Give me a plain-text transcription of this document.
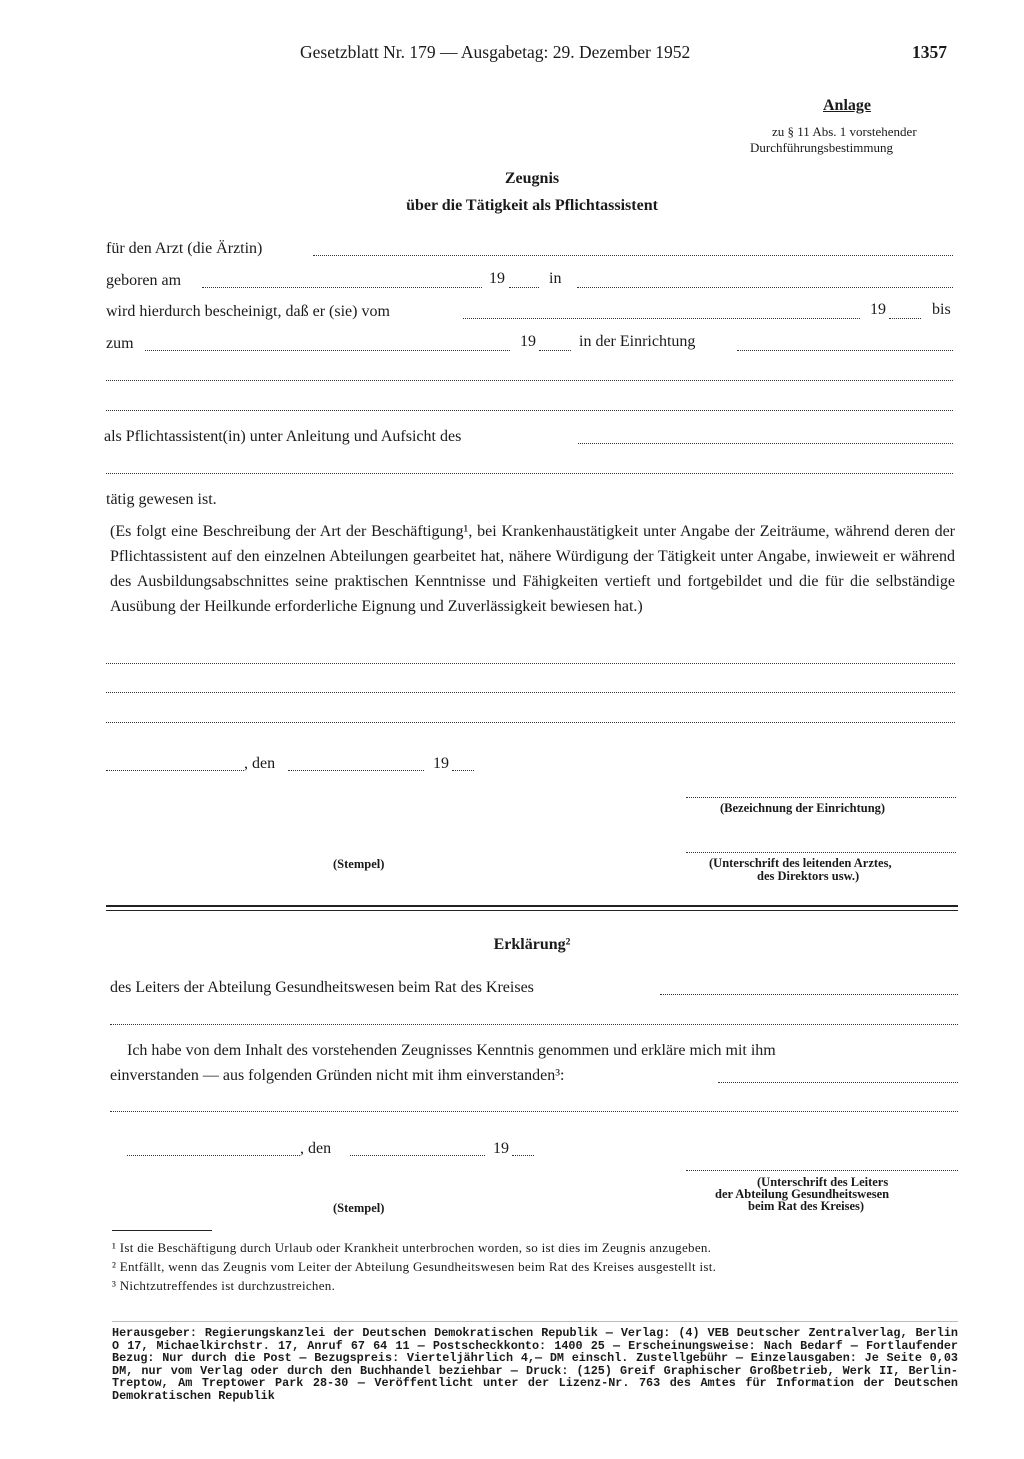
Gesetzblatt Nr. 179 — Ausgabetag: 29. Dezember 1952	1357
Anlage
zu § 11 Abs. 1 vorstehender
Durchführungsbestimmung
Zeugnis
über die Tätigkeit als Pflichtassistent
für den Arzt (die Ärztin)
geboren am	19	in
wird hierdurch bescheinigt, daß er (sie) vom	19	bis
zum	19	in der Einrichtung
als Pflichtassistent(in) unter Anleitung und Aufsicht des
tätig gewesen ist.
(Es folgt eine Beschreibung der Art der Beschäftigung¹, bei Krankenhaustätigkeit unter Angabe der Zeiträume, während deren der Pflichtassistent auf den einzelnen Abteilungen gearbeitet hat, nähere Würdigung der Tätigkeit unter Angabe, inwieweit er während des Ausbildungsabschnittes seine praktischen Kenntnisse und Fähigkeiten vertieft und fortgebildet und die für die selbständige Ausübung der Heilkunde erforderliche Eignung und Zuverlässigkeit bewiesen hat.)
, den	19
(Bezeichnung der Einrichtung)
(Stempel)	(Unterschrift des leitenden Arztes,
des Direktors usw.)
Erklärung²
des Leiters der Abteilung Gesundheitswesen beim Rat des Kreises
Ich habe von dem Inhalt des vorstehenden Zeugnisses Kenntnis genommen und erkläre mich mit ihm
einverstanden — aus folgenden Gründen nicht mit ihm einverstanden³:
, den	19
(Unterschrift des Leiters
der Abteilung Gesundheitswesen
beim Rat des Kreises)
(Stempel)
¹ Ist die Beschäftigung durch Urlaub oder Krankheit unterbrochen worden, so ist dies im Zeugnis anzugeben.
² Entfällt, wenn das Zeugnis vom Leiter der Abteilung Gesundheitswesen beim Rat des Kreises ausgestellt ist.
³ Nichtzutreffendes ist durchzustreichen.
Herausgeber: Regierungskanzlei der Deutschen Demokratischen Republik — Verlag: (4) VEB Deutscher Zentralverlag, Berlin O 17, Michaelkirchstr. 17, Anruf 67 64 11 — Postscheckkonto: 1400 25 — Erscheinungsweise: Nach Bedarf — Fortlaufender Bezug: Nur durch die Post — Bezugspreis: Vierteljährlich 4,— DM einschl. Zustellgebühr — Einzelausgaben: Je Seite 0,03 DM, nur vom Verlag oder durch den Buchhandel beziehbar — Druck: (125) Greif Graphischer Großbetrieb, Werk II, Berlin-Treptow, Am Treptower Park 28-30 — Veröffentlicht unter der Lizenz-Nr. 763 des Amtes für Information der Deutschen Demokratischen Republik
